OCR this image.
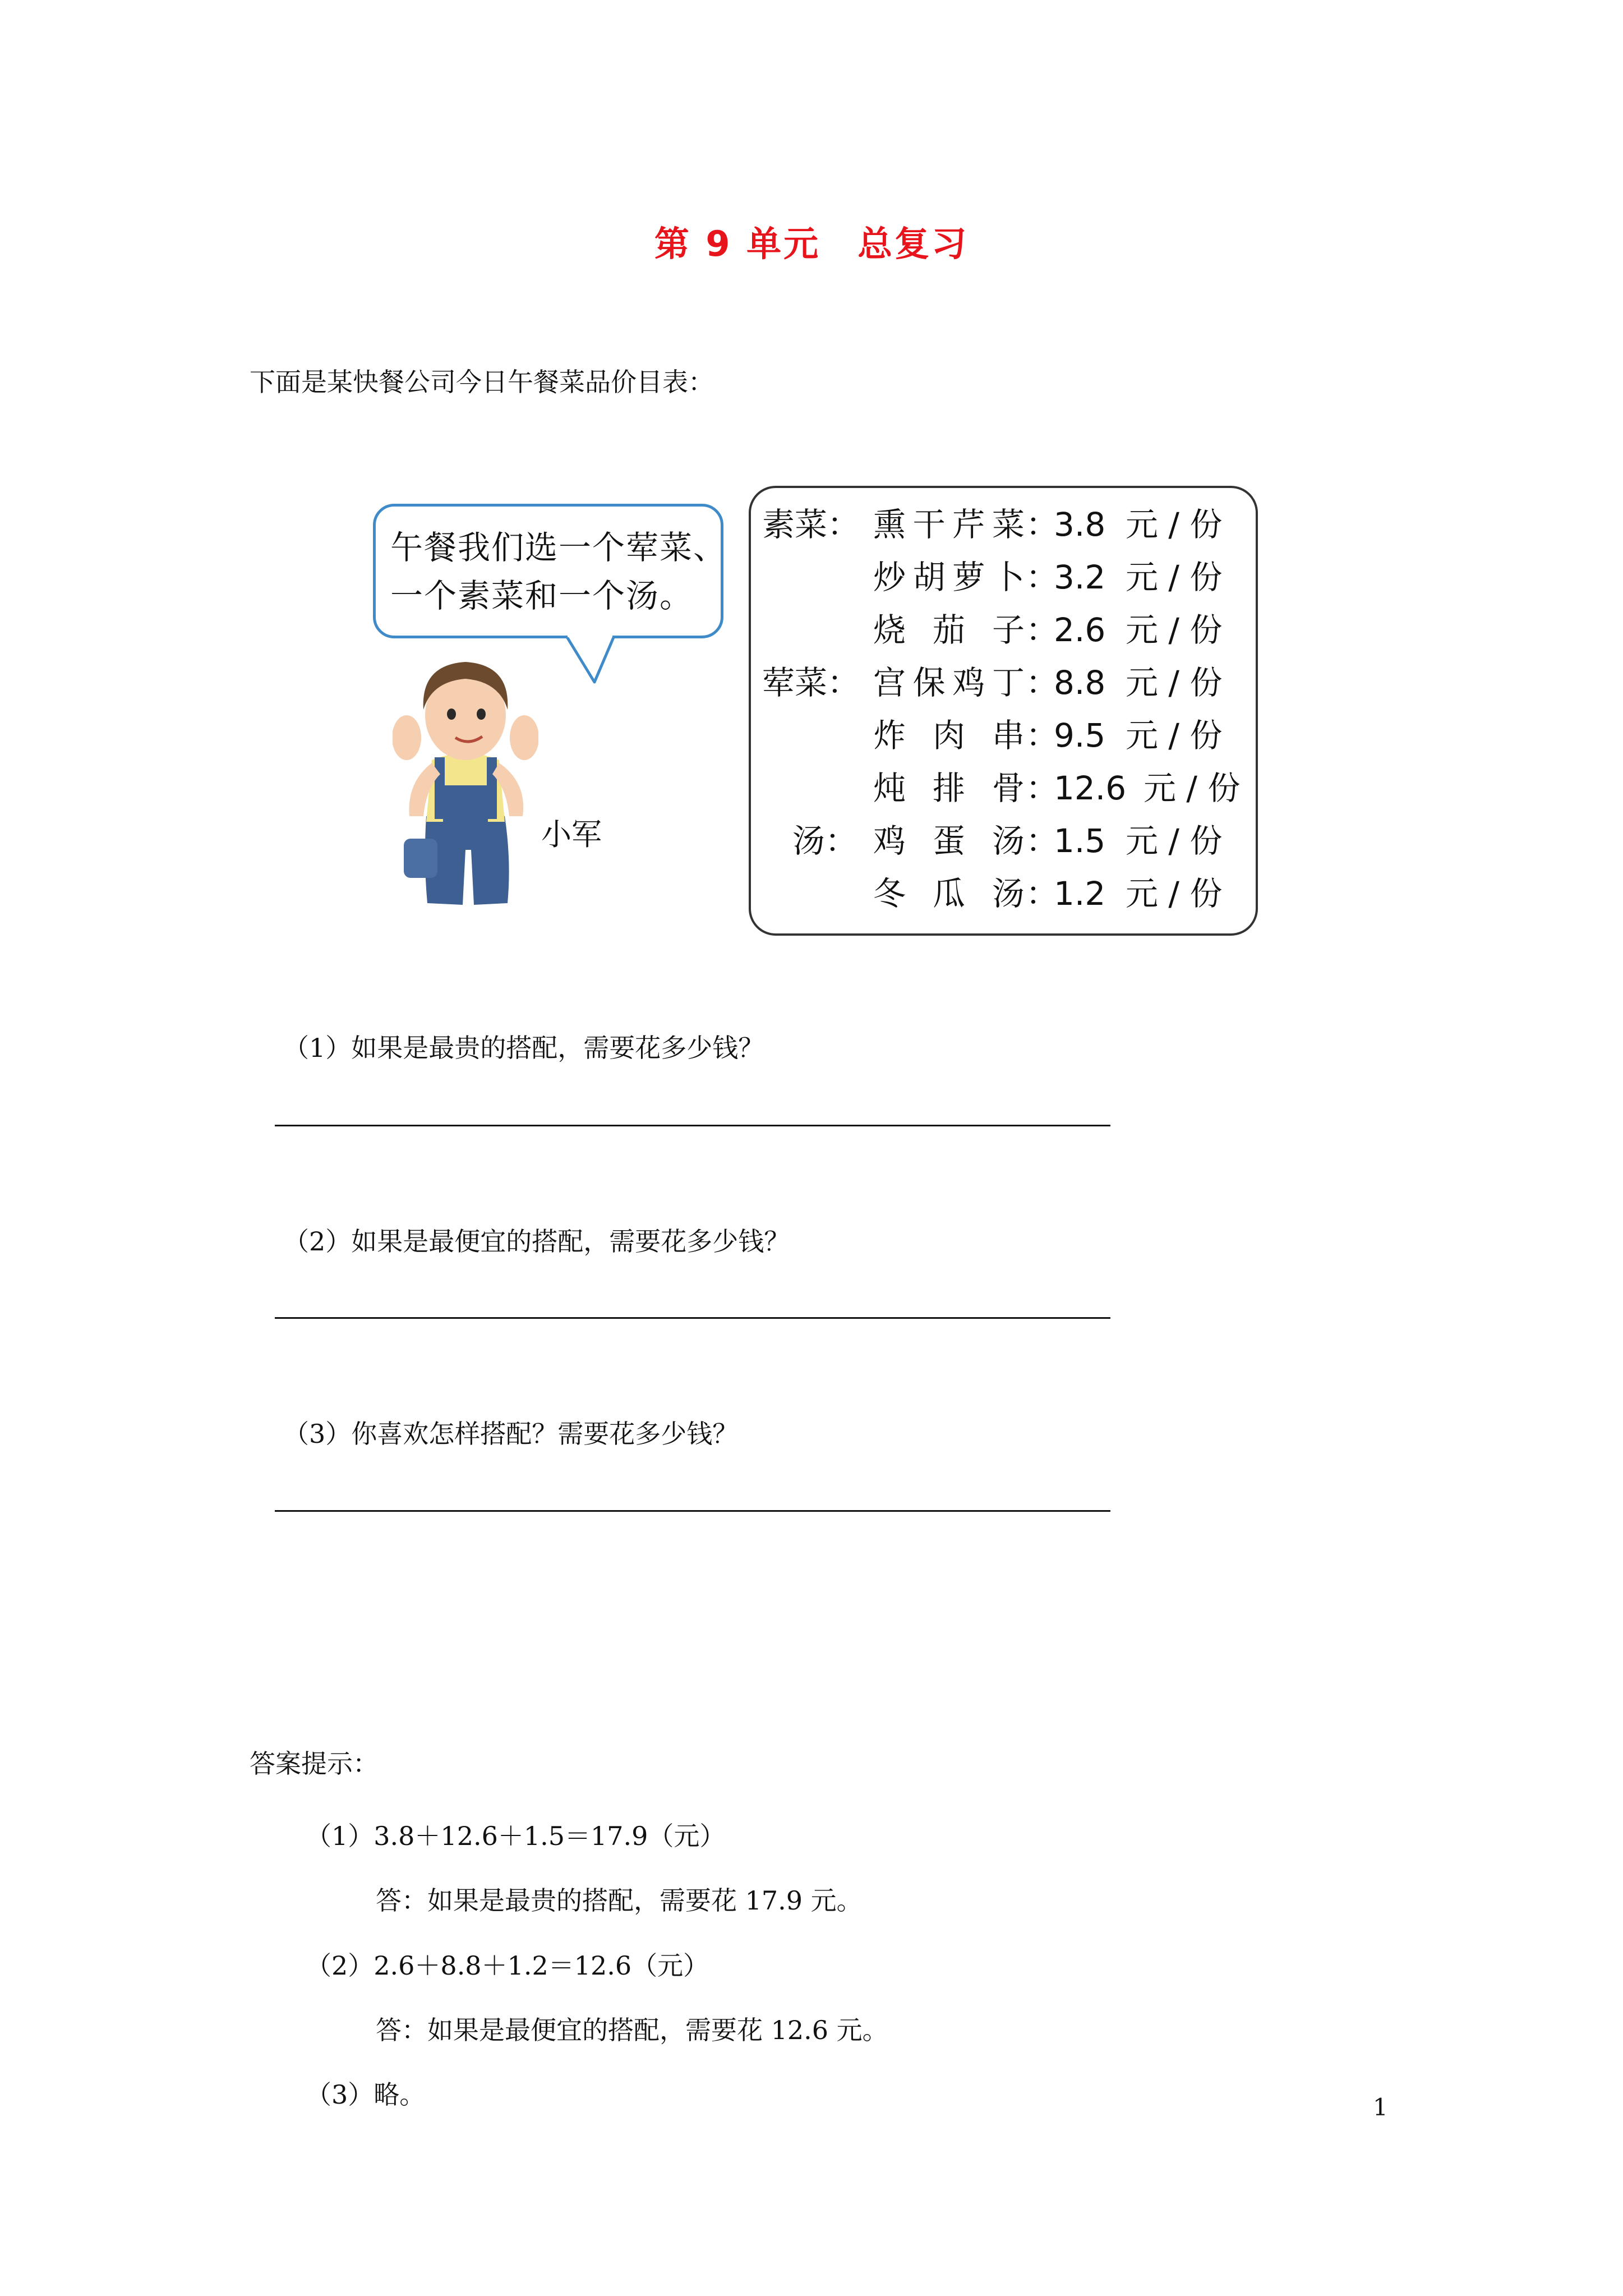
第 9 单元　总复习
下面是某快餐公司今日午餐菜品价目表：
午餐我们选一个荤菜、
一个素菜和一个汤。
小军
素菜： 熏干芹菜 ：
3.8 元 / 份
炒胡萝卜 ：
3.2 元 / 份
烧茄子 ：
2.6 元 / 份
荤菜： 宫保鸡丁 ：
8.8 元 / 份
炸肉串 ：
9.5 元 / 份
炖排骨 ：
12.6 元 / 份
汤： 鸡蛋汤 ：
1.5 元 / 份
冬瓜汤 ：
1.2 元 / 份
（1）如果是最贵的搭配，需要花多少钱？
（2）如果是最便宜的搭配，需要花多少钱？
（3）你喜欢怎样搭配？需要花多少钱？
答案提示：
（1）3.8＋12.6＋1.5＝17.9（元）
答：如果是最贵的搭配，需要花 17.9 元。
（2）2.6＋8.8＋1.2＝12.6（元）
答：如果是最便宜的搭配，需要花 12.6 元。
（3）略。	1
